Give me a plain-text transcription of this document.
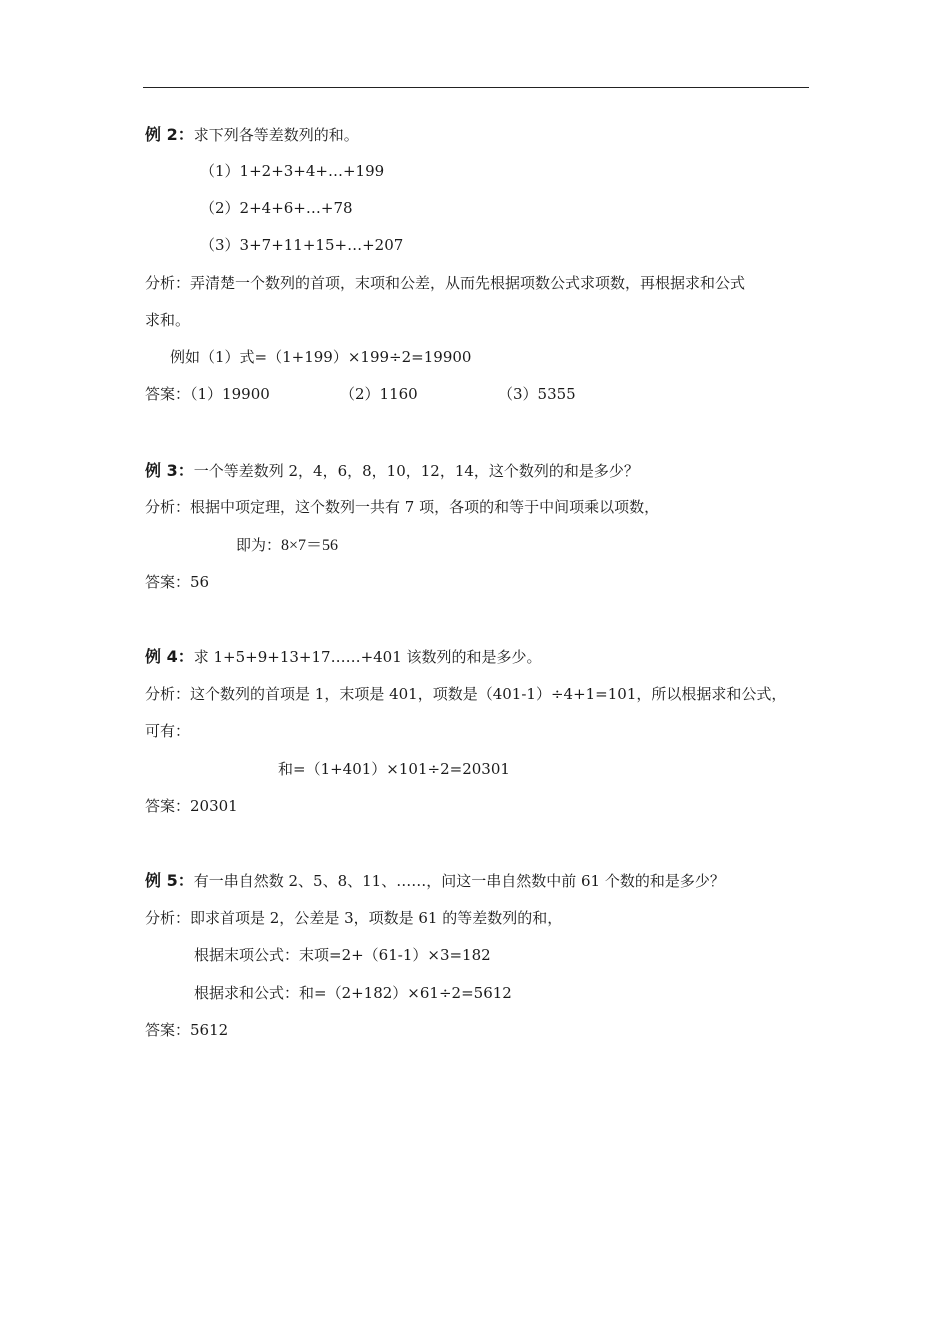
例 2：求下列各等差数列的和。
（1）1+2+3+4+…+199
（2）2+4+6+…+78
（3）3+7+11+15+…+207
分析：弄清楚一个数列的首项，末项和公差，从而先根据项数公式求项数，再根据求和公式
求和。
例如（1）式=（1+199）×199÷2=19900
答案：（1）19900	（2）1160	（3）5355
例 3：一个等差数列 2，4，6，8，10，12，14，这个数列的和是多少？
分析：根据中项定理，这个数列一共有 7 项，各项的和等于中间项乘以项数，
即为：8×7＝56
答案：56
例 4：求 1+5+9+13+17……+401 该数列的和是多少。
分析：这个数列的首项是 1，末项是 401，项数是（401-1）÷4+1=101，所以根据求和公式，
可有：
和=（1+401）×101÷2=20301
答案：20301
例 5：有一串自然数 2、5、8、11、……，问这一串自然数中前 61 个数的和是多少？
分析：即求首项是 2，公差是 3，项数是 61 的等差数列的和，
根据末项公式：末项=2+（61-1）×3=182
根据求和公式：和=（2+182）×61÷2=5612
答案：5612
